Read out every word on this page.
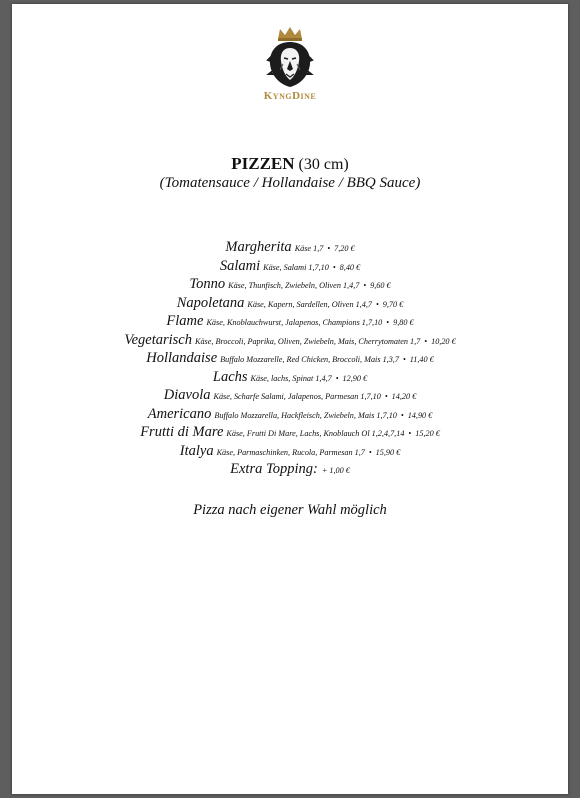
KyngDine
PIZZEN (30 cm)
(Tomatensauce / Hollandaise / BBQ Sauce)
Margherita Käse 1,7 • 7,20 €
Salami Käse, Salami 1,7,10 • 8,40 €
Tonno Käse, Thunfisch, Zwiebeln, Oliven 1,4,7 • 9,60 €
Napoletana Käse, Kapern, Sardellen, Oliven 1,4,7 • 9,70 €
Flame Käse, Knoblauchwurst, Jalapenos, Champions 1,7,10 • 9,80 €
Vegetarisch Käse, Broccoli, Paprika, Oliven, Zwiebeln, Mais, Cherrytomaten 1,7 • 10,20 €
Hollandaise Buffalo Mozzarelle, Red Chicken, Broccoli, Mais 1,3,7 • 11,40 €
Lachs Käse, lachs, Spinat 1,4,7 • 12,90 €
Diavola Käse, Scharfe Salami, Jalapenos, Parmesan 1,7,10 • 14,20 €
Americano Buffalo Mozzarella, Hackfleisch, Zwiebeln, Mais 1,7,10 • 14,90 €
Frutti di Mare Käse, Frutti Di Mare, Lachs, Knoblauch Ol 1,2,4,7,14 • 15,20 €
Italya Käse, Parmaschinken, Rucola, Parmesan 1,7 • 15,90 €
Extra Topping: + 1,00 €
Pizza nach eigener Wahl möglich
